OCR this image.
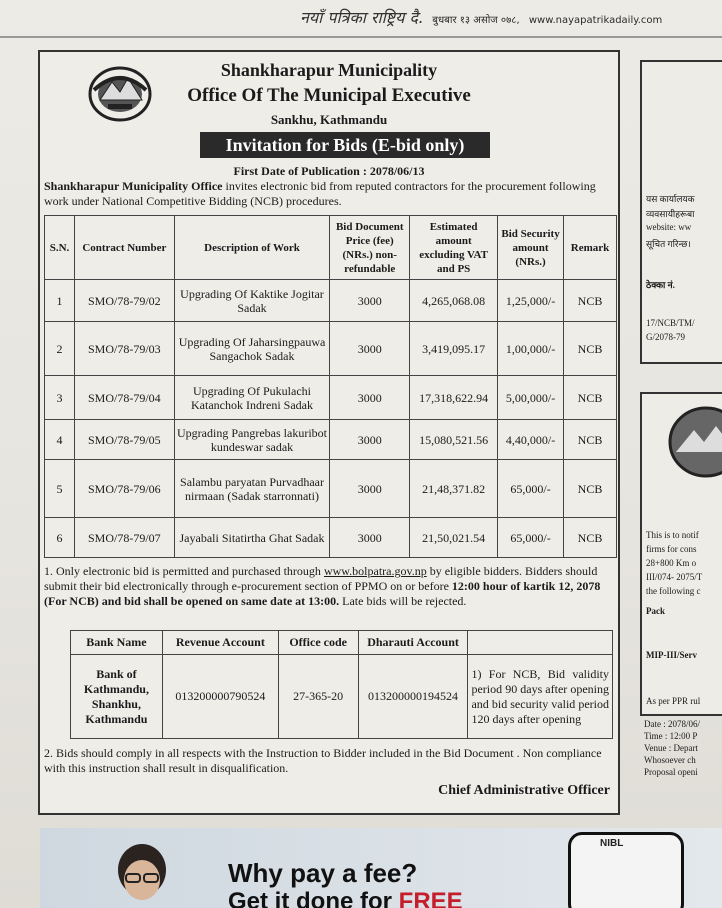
नयाँ पत्रिका राष्ट्रिय दै. बुधबार १३ असोज ०७८, www.nayapatrikadaily.com
Shankharapur Municipality
Office Of The Municipal Executive
Sankhu, Kathmandu
Invitation for Bids (E-bid only)
First Date of Publication : 2078/06/13
Shankharapur Municipality Office invites electronic bid from reputed contractors for the procurement following work under National Competitive Bidding (NCB) procedures.
S.N.	Contract Number	Description of Work	Bid Document Price (fee) (NRs.) non-refundable	Estimated amount excluding VAT and PS	Bid Security amount (NRs.)	Remark
1	SMO/78-79/02	Upgrading Of Kaktike Jogitar Sadak	3000	4,265,068.08	1,25,000/-	NCB
2	SMO/78-79/03	Upgrading Of Jaharsingpauwa Sangachok Sadak	3000	3,419,095.17	1,00,000/-	NCB
3	SMO/78-79/04	Upgrading Of Pukulachi Katanchok Indreni Sadak	3000	17,318,622.94	5,00,000/-	NCB
4	SMO/78-79/05	Upgrading Pangrebas lakuribot kundeswar sadak	3000	15,080,521.56	4,40,000/-	NCB
5	SMO/78-79/06	Salambu paryatan Purvadhaar nirmaan (Sadak starronnati)	3000	21,48,371.82	65,000/-	NCB
6	SMO/78-79/07	Jayabali Sitatirtha Ghat Sadak	3000	21,50,021.54	65,000/-	NCB
1. Only electronic bid is permitted and purchased through www.bolpatra.gov.np by eligible bidders. Bidders should submit their bid electronically through e-procurement section of PPMO on or before 12:00 hour of kartik 12, 2078 (For NCB) and bid shall be opened on same date at 13:00. Late bids will be rejected.
Bank Name	Revenue Account	Office code	Dharauti Account	
Bank of Kathmandu, Shankhu, Kathmandu	013200000790524	27-365-20	013200000194524	1) For NCB, Bid validity period 90 days after opening and bid security valid period 120 days after opening
2. Bids should comply in all respects with the Instruction to Bidder included in the Bid Document . Non compliance with this instruction shall result in disqualification.
Chief Administrative Officer
यस कार्यालयक
व्यवसायीहरूबा
website: ww
सूचित गरिन्छ।
ठेक्का नं.
17/NCB/TM/
G/2078-79
This is to notif
firms for cons
28+800 Km o
III/074- 2075/T
the following c
Pack
MIP-III/Serv
As per PPR rul
Date : 2078/06/
Time : 12:00 P
Venue : Depart
Whosoever ch
Proposal openi
Why pay a fee?
Get it done for FREE
NIBL
